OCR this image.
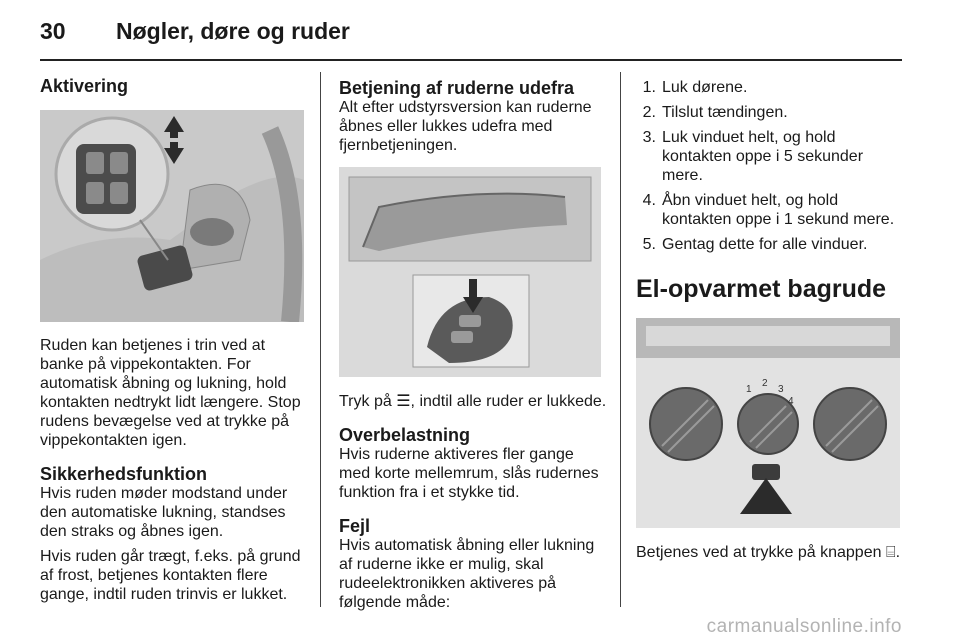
30	Nøgler, døre og ruder
Aktivering

Ruden kan betjenes i trin ved at banke på vippekontakten. For automatisk åbning og lukning, hold kontakten nedtrykt lidt længere. Stop rudens bevægelse ved at trykke på vippekontakten igen.

Sikkerhedsfunktion

Hvis ruden møder modstand under den automatiske lukning, standses den straks og åbnes igen.

Hvis ruden går trægt, f.eks. på grund af frost, betjenes kontakten flere gange, indtil ruden trinvis er lukket.

Betjening af ruderne udefra

Alt efter udstyrsversion kan ruderne åbnes eller lukkes udefra med fjernbetjeningen.

Tryk på ☰, indtil alle ruder er lukkede.

Overbelastning

Hvis ruderne aktiveres fler gange med korte mellemrum, slås rudernes funktion fra i et stykke tid.

Fejl

Hvis automatisk åbning eller lukning af ruderne ikke er mulig, skal rudeelektronikken aktiveres på følgende måde:

1. Luk dørene.
2. Tilslut tændingen.
3. Luk vinduet helt, og hold kontakten oppe i 5 sekunder mere.
4. Åbn vinduet helt, og hold kontakten oppe i 1 sekund mere.
5. Gentag dette for alle vinduer.
El-opvarmet bagrude
1
2
3
4

Betjenes ved at trykke på knappen ⌸.

carmanualsonline.info
